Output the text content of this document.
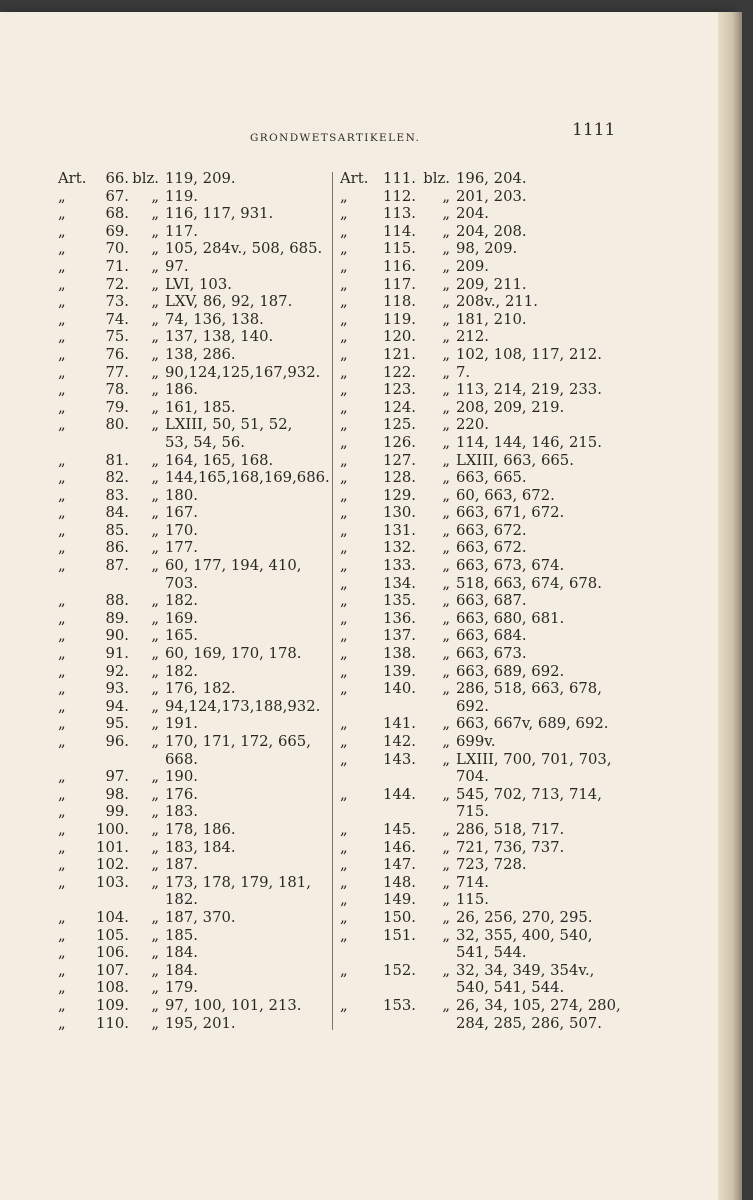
GRONDWETSARTIKELEN.	1111
Art.	66. blz. 119, 209.
„	67.	„ 119.
„	68.	„ 116, 117, 931.
„	69.	„ 117.
„	70.	„ 105, 284v., 508, 685.
„	71.	„ 97.
„	72.	„ LVI, 103.
„	73.	„ LXV, 86, 92, 187.
„	74.	„ 74, 136, 138.
„	75.	„ 137, 138, 140.
„	76.	„ 138, 286.
„	77.	„ 90,124,125,167,932.
„	78.	„ 186.
„	79.	„ 161, 185.
„	80.	„ LXIII, 50, 51, 52,
53, 54, 56.
„	81.	„ 164, 165, 168.
„	82.	„ 144,165,168,169,686.
„	83.	„ 180.
„	84.	„ 167.
„	85.	„ 170.
„	86.	„ 177.
„	87.	„ 60, 177, 194, 410,
703.
„	88.	„ 182.
„	89.	„ 169.
„	90.	„ 165.
„	91.	„ 60, 169, 170, 178.
„	92.	„ 182.
„	93.	„ 176, 182.
„	94.	„ 94,124,173,188,932.
„	95.	„ 191.
„	96.	„ 170, 171, 172, 665,
668.
„	97.	„ 190.
„	98.	„ 176.
„	99.	„ 183.
„	100.	„ 178, 186.
„	101.	„ 183, 184.
„	102.	„ 187.
„	103.	„ 173, 178, 179, 181,
182.
„	104.	„ 187, 370.
„	105.	„ 185.
„	106.	„ 184.
„	107.	„ 184.
„	108.	„ 179.
„	109.	„ 97, 100, 101, 213.
„	110.	„ 195, 201.
Art. 111. blz. 196, 204.
„	112.	„ 201, 203.
„	113.	„ 204.
„	114.	„ 204, 208.
„	115.	„ 98, 209.
„	116.	„ 209.
„	117.	„ 209, 211.
„	118.	„ 208v., 211.
„	119.	„ 181, 210.
„	120.	„ 212.
„	121.	„ 102, 108, 117, 212.
„	122.	„ 7.
„	123.	„ 113, 214, 219, 233.
„	124.	„ 208, 209, 219.
„	125.	„ 220.
„	126.	„ 114, 144, 146, 215.
„	127.	„ LXIII, 663, 665.
„	128.	„ 663, 665.
„	129.	„ 60, 663, 672.
„	130.	„ 663, 671, 672.
„	131.	„ 663, 672.
„	132.	„ 663, 672.
„	133.	„ 663, 673, 674.
„	134.	„ 518, 663, 674, 678.
„	135.	„ 663, 687.
„	136.	„ 663, 680, 681.
„	137.	„ 663, 684.
„	138.	„ 663, 673.
„	139.	„ 663, 689, 692.
„	140.	„ 286, 518, 663, 678,
692.
„	141.	„ 663, 667v, 689, 692.
„	142.	„ 699v.
„	143.	„ LXIII, 700, 701, 703,
704.
„	144.	„ 545, 702, 713, 714,
715.
„	145.	„ 286, 518, 717.
„	146.	„ 721, 736, 737.
„	147.	„ 723, 728.
„	148.	„ 714.
„	149.	„ 115.
„	150.	„ 26, 256, 270, 295.
„	151.	„ 32, 355, 400, 540,
541, 544.
„	152.	„ 32, 34, 349, 354v.,
540, 541, 544.
„	153.	„ 26, 34, 105, 274, 280,
284, 285, 286, 507.
